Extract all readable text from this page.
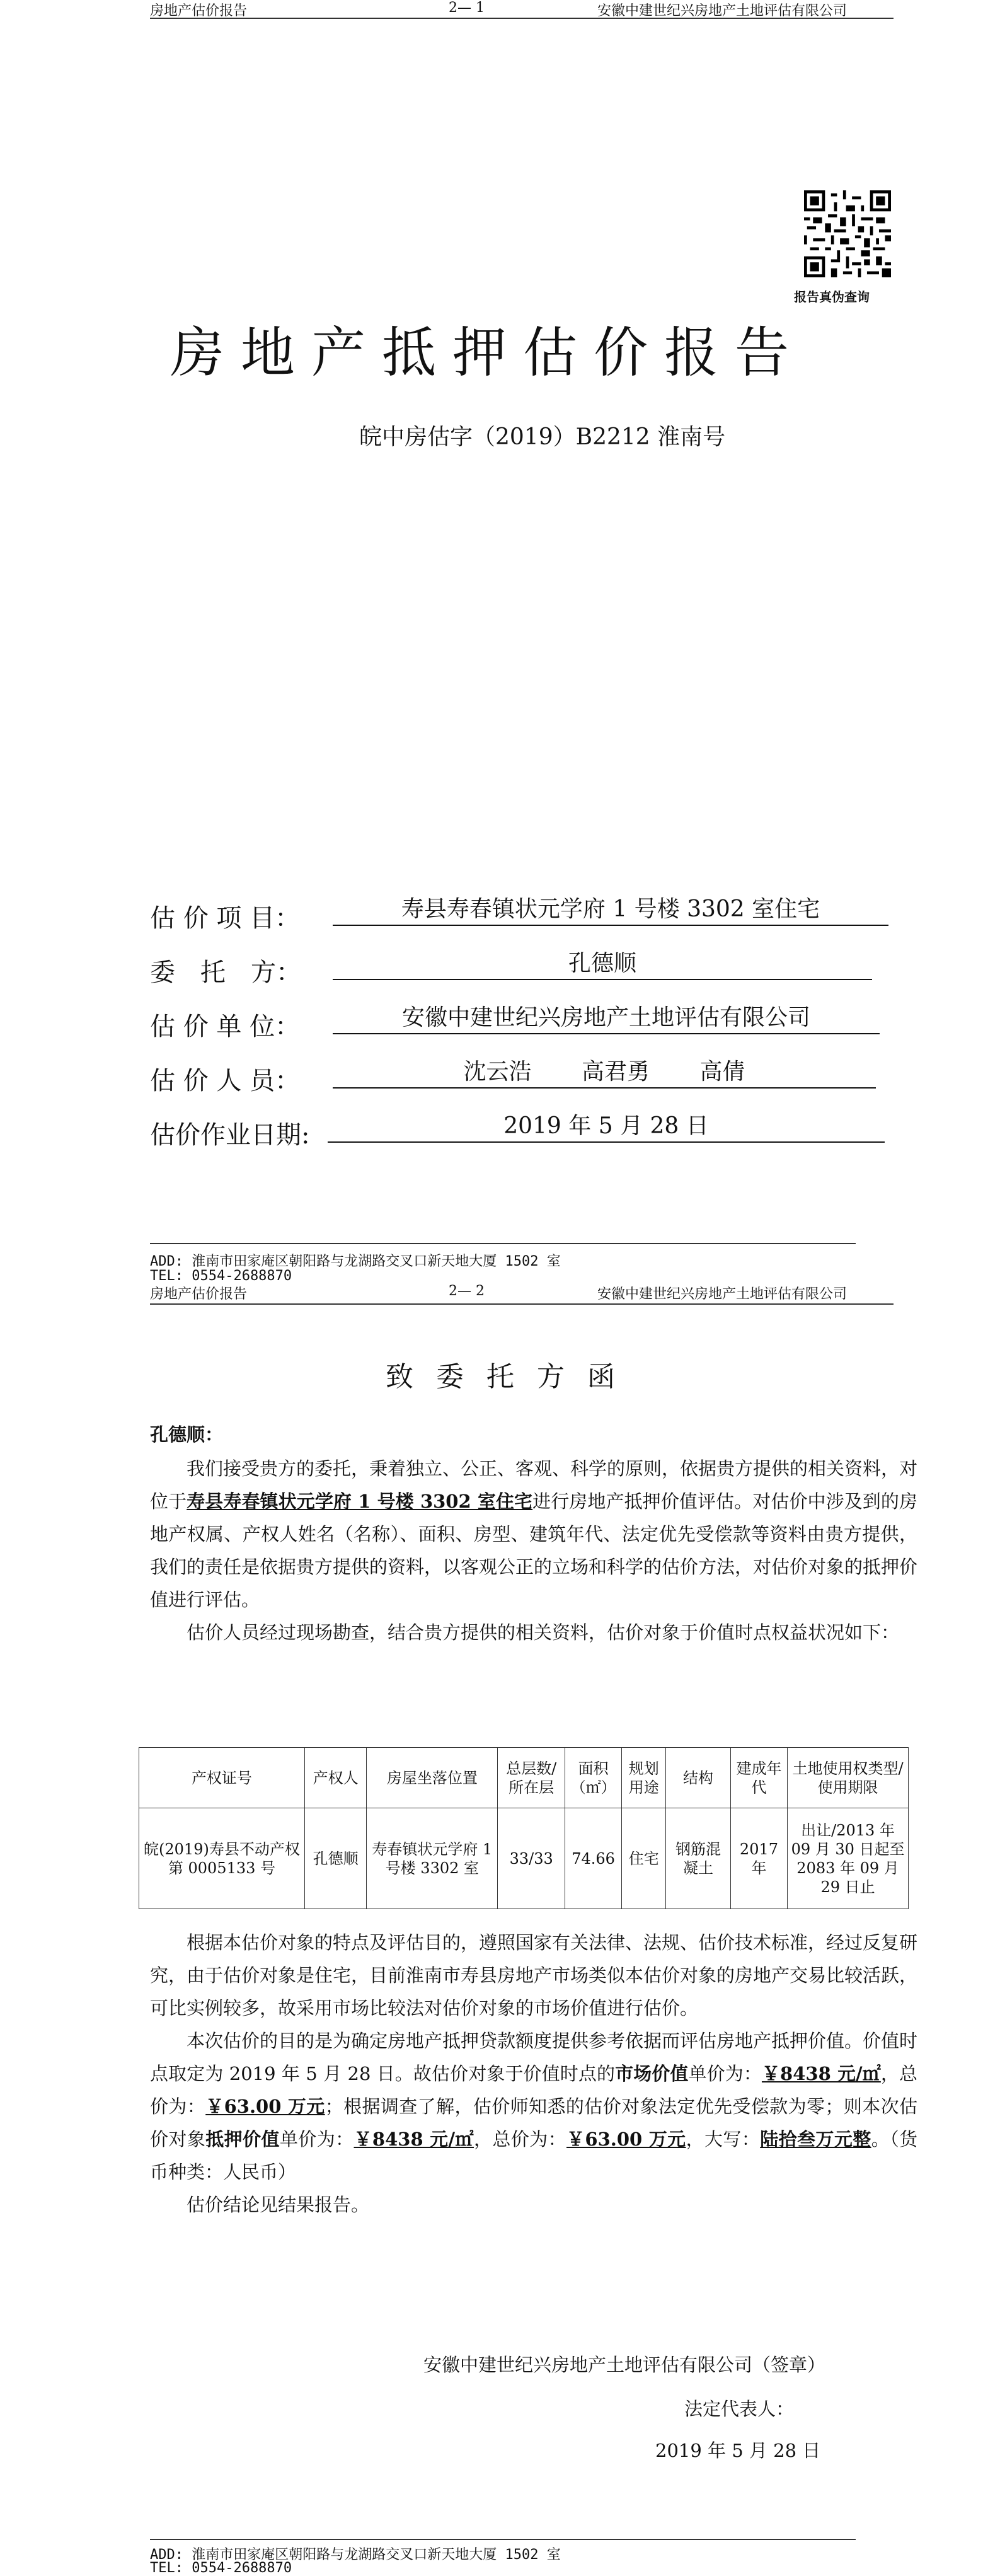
房地产估价报告	2— 1	安徽中建世纪兴房地产土地评估有限公司
报告真伪查询
房地产抵押估价报告
皖中房估字（2019）B2212 淮南号
估 价 项 目：	寿县寿春镇状元学府 1 号楼 3302 室住宅
委　托　方：	孔德顺
估 价 单 位：	安徽中建世纪兴房地产土地评估有限公司
估 价 人 员：	沈云浩 高君勇 高倩
估价作业日期:	2019 年 5 月 28 日
ADD: 淮南市田家庵区朝阳路与龙湖路交叉口新天地大厦 1502 室
TEL: 0554-2688870
房地产估价报告	2— 2	安徽中建世纪兴房地产土地评估有限公司
致委托方函
孔德顺：

我们接受贵方的委托，秉着独立、公正、客观、科学的原则，依据贵方提供的相关资料，对位于寿县寿春镇状元学府 1 号楼 3302 室住宅进行房地产抵押价值评估。对估价中涉及到的房地产权属、产权人姓名（名称）、面积、房型、建筑年代、法定优先受偿款等资料由贵方提供，我们的责任是依据贵方提供的资料，以客观公正的立场和科学的估价方法，对估价对象的抵押价值进行评估。

估价人员经过现场勘查，结合贵方提供的相关资料，估价对象于价值时点权益状况如下：

产权证号	产权人	房屋坐落位置	总层数/所在层	面积（㎡）	规划用途	结构	建成年代	土地使用权类型/使用期限
皖(2019)寿县不动产权第 0005133 号	孔德顺	寿春镇状元学府 1 号楼 3302 室	33/33	74.66	住宅	钢筋混凝土	2017 年	出让/2013 年 09 月 30 日起至 2083 年 09 月 29 日止

根据本估价对象的特点及评估目的，遵照国家有关法律、法规、估价技术标准，经过反复研究，由于估价对象是住宅，目前淮南市寿县房地产市场类似本估价对象的房地产交易比较活跃，可比实例较多，故采用市场比较法对估价对象的市场价值进行估价。

本次估价的目的是为确定房地产抵押贷款额度提供参考依据而评估房地产抵押价值。价值时点取定为 2019 年 5 月 28 日。故估价对象于价值时点的市场价值单价为：￥8438 元/㎡，总价为：￥63.00 万元；根据调查了解，估价师知悉的估价对象法定优先受偿款为零；则本次估价对象抵押价值单价为：￥8438 元/㎡，总价为：￥63.00 万元，大写：陆拾叁万元整。（货币种类：人民币）

估价结论见结果报告。

安徽中建世纪兴房地产土地评估有限公司（签章）
法定代表人：
2019 年 5 月 28 日
ADD: 淮南市田家庵区朝阳路与龙湖路交叉口新天地大厦 1502 室
TEL: 0554-2688870
